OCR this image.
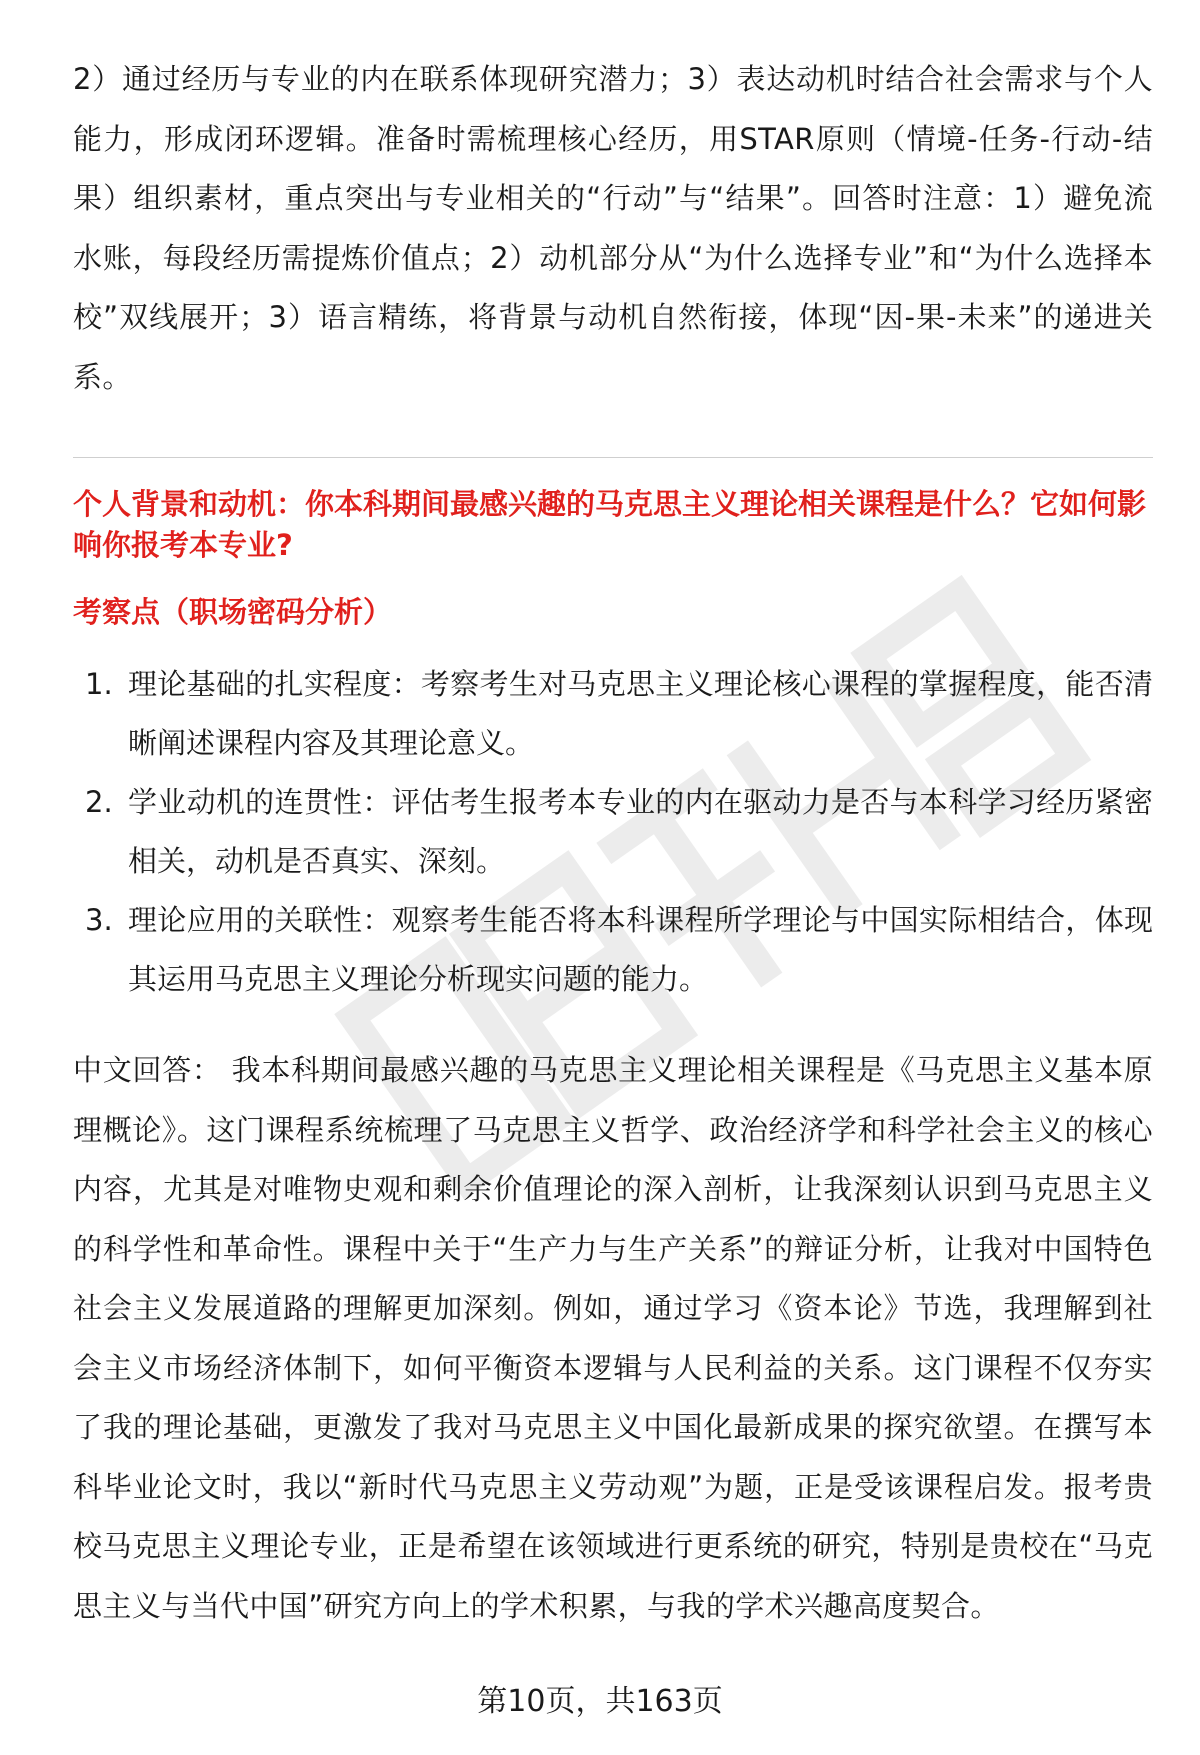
2）通过经历与专业的内在联系体现研究潜力；3）表达动机时结合社会需求与个人能力，形成闭环逻辑。准备时需梳理核心经历，用STAR原则（情境-任务-行动-结果）组织素材，重点突出与专业相关的“行动”与“结果”。回答时注意：1）避免流水账，每段经历需提炼价值点；2）动机部分从“为什么选择专业”和“为什么选择本校”双线展开；3）语言精练，将背景与动机自然衔接，体现“因-果-未来”的递进关系。

个人背景和动机：你本科期间最感兴趣的马克思主义理论相关课程是什么？它如何影响你报考本专业?

考察点（职场密码分析）

1. 理论基础的扎实程度：考察考生对马克思主义理论核心课程的掌握程度，能否清晰阐述课程内容及其理论意义。
2. 学业动机的连贯性：评估考生报考本专业的内在驱动力是否与本科学习经历紧密相关，动机是否真实、深刻。
3. 理论应用的关联性：观察考生能否将本科课程所学理论与中国实际相结合，体现其运用马克思主义理论分析现实问题的能力。

中文回答： 我本科期间最感兴趣的马克思主义理论相关课程是《马克思主义基本原理概论》。这门课程系统梳理了马克思主义哲学、政治经济学和科学社会主义的核心内容，尤其是对唯物史观和剩余价值理论的深入剖析，让我深刻认识到马克思主义的科学性和革命性。课程中关于“生产力与生产关系”的辩证分析，让我对中国特色社会主义发展道路的理解更加深刻。例如，通过学习《资本论》节选，我理解到社会主义市场经济体制下，如何平衡资本逻辑与人民利益的关系。这门课程不仅夯实了我的理论基础，更激发了我对马克思主义中国化最新成果的探究欲望。在撰写本科毕业论文时，我以“新时代马克思主义劳动观”为题，正是受该课程启发。报考贵校马克思主义理论专业，正是希望在该领域进行更系统的研究，特别是贵校在“马克思主义与当代中国”研究方向上的学术积累，与我的学术兴趣高度契合。

第10页，共163页
